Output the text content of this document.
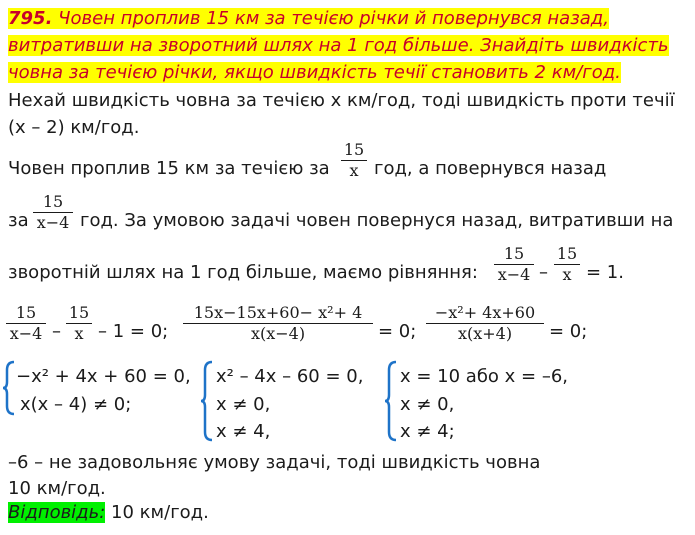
795. Човен проплив 15 км за течією річки й повернувся назад,
витративши на зворотний шлях на 1 год більше. Знайдіть швидкість
човна за течією річки, якщо швидкість течії становить 2 км/год.
Нехай швидкість човна за течією х км/год, тоді швидкість проти течії
(х – 2) км/год.
Човен проплив 15 км за течією за
15
х год, а повернувся назад
за
15
х−4 год. За умовою задачі човен повернуся назад, витративши на
зворотній шлях на 1 год більше, маємо рівняння:
15
х−4 –
15
х = 1.
15
х−4 –
15
х – 1 = 0;
15х−15х+60− х²+ 4
х(х−4)	= 0;
−х²+ 4х+60
х(х+4)	= 0;
−х² + 4х + 60 = 0,
х(х – 4) ≠ 0;
х² – 4х – 60 = 0,
х ≠ 0,
х ≠ 4,
х = 10 або х = –6,
х ≠ 0,
х ≠ 4;
–6 – не задовольняє умову задачі, тоді швидкість човна
10 км/год.
Відповідь: 10 км/год.
